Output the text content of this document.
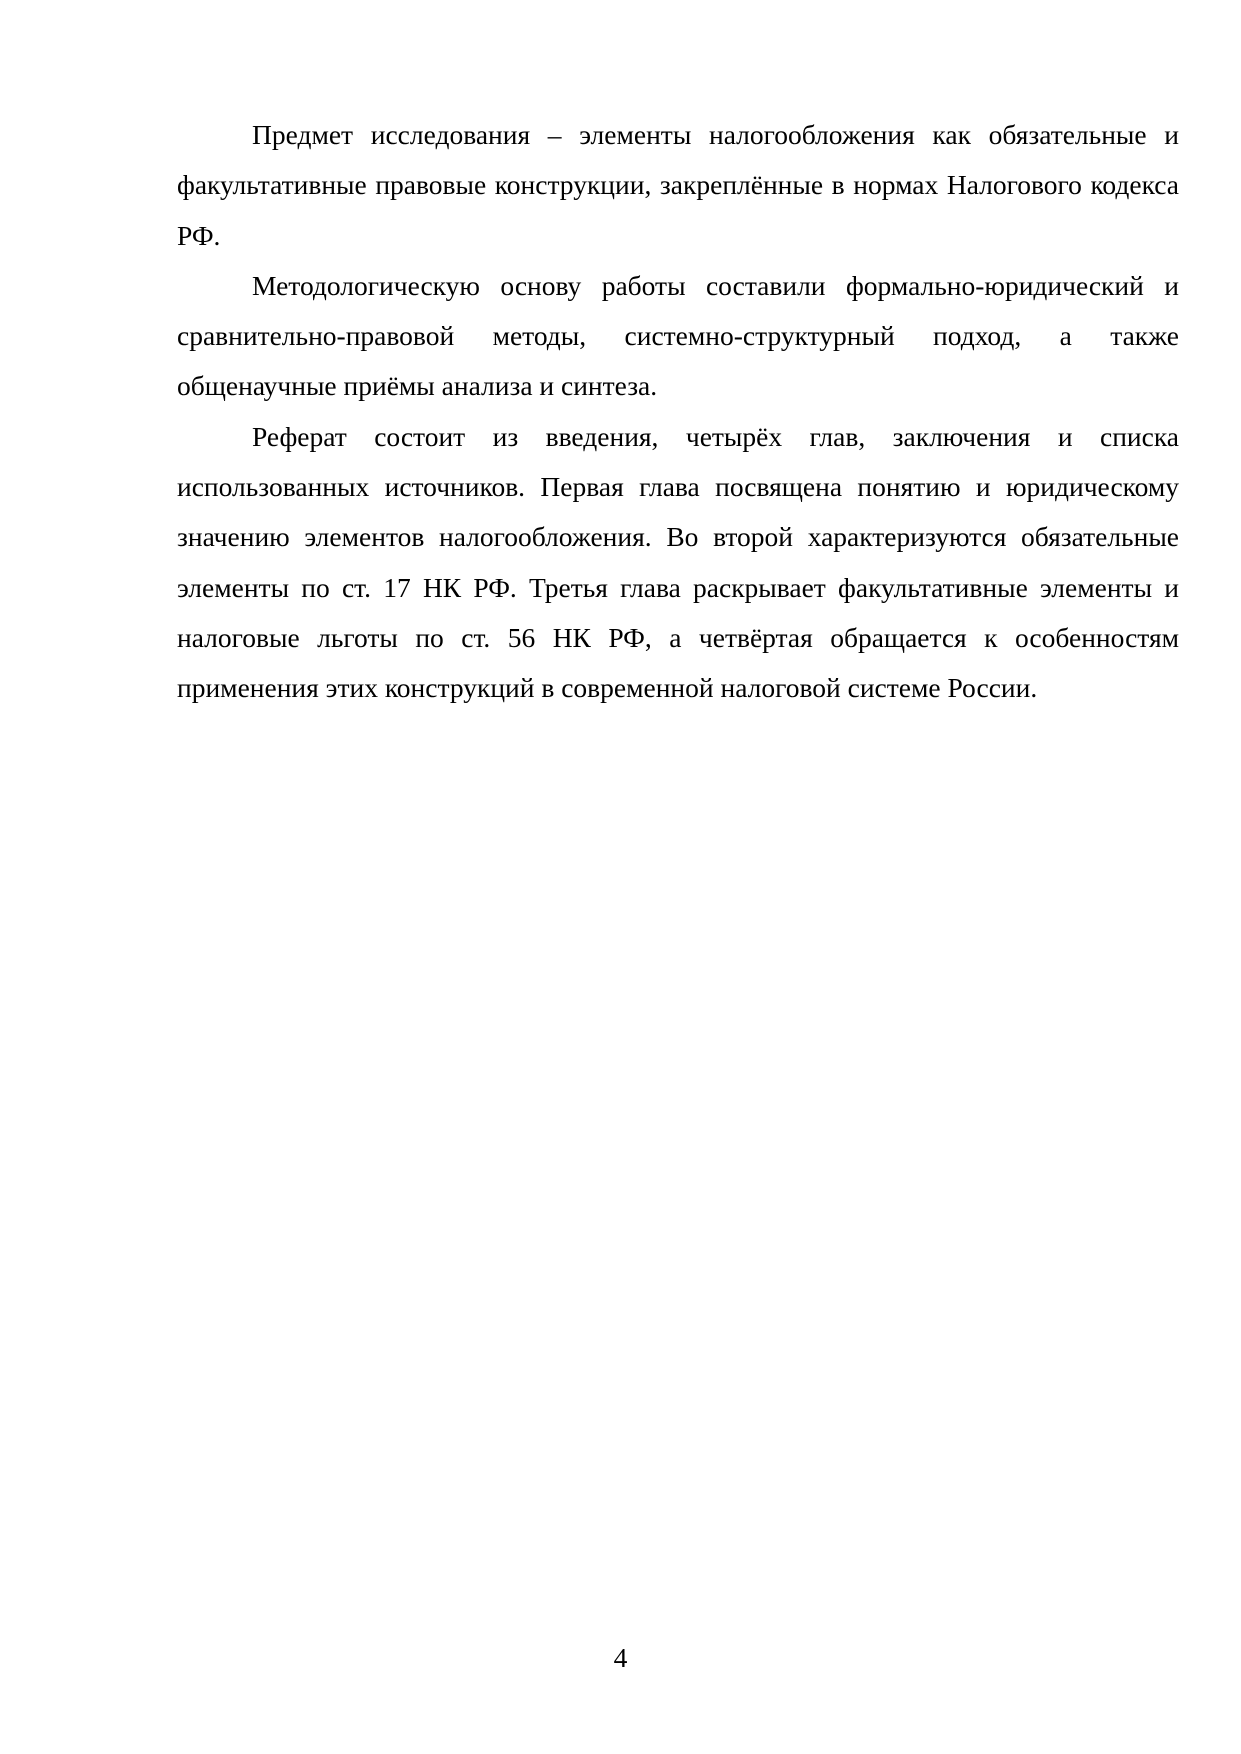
Предмет исследования – элементы налогообложения как обязательные и факультативные правовые конструкции, закреплённые в нормах Налогового кодекса РФ.

Методологическую основу работы составили формально-юридический и сравнительно-правовой методы, системно-структурный подход, а также общенаучные приёмы анализа и синтеза.

Реферат состоит из введения, четырёх глав, заключения и списка использованных источников. Первая глава посвящена понятию и юридическому значению элементов налогообложения. Во второй характеризуются обязательные элементы по ст. 17 НК РФ. Третья глава раскрывает факультативные элементы и налоговые льготы по ст. 56 НК РФ, а четвёртая обращается к особенностям применения этих конструкций в современной налоговой системе России.

4
